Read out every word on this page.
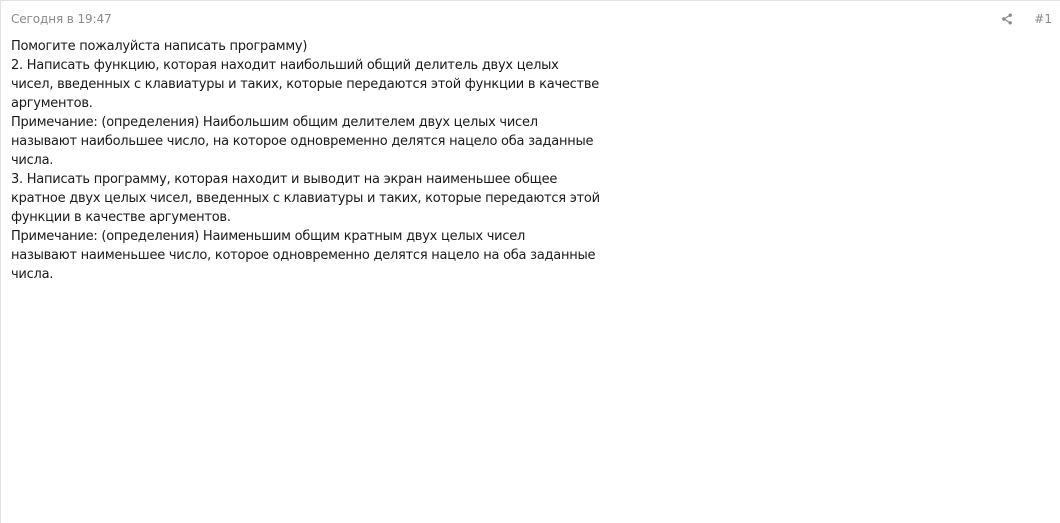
Сегодня в 19:47	#1
Помогите пожалуйста написать программу)
2. Написать функцию, которая находит наибольший общий делитель двух целых
чисел, введенных с клавиатуры и таких, которые передаются этой функции в качестве
аргументов.
Примечание: (определения) Наибольшим общим делителем двух целых чисел
называют наибольшее число, на которое одновременно делятся нацело оба заданные
числа.
3. Написать программу, которая находит и выводит на экран наименьшее общее
кратное двух целых чисел, введенных с клавиатуры и таких, которые передаются этой
функции в качестве аргументов.
Примечание: (определения) Наименьшим общим кратным двух целых чисел
называют наименьшее число, которое одновременно делятся нацело на оба заданные
числа.
